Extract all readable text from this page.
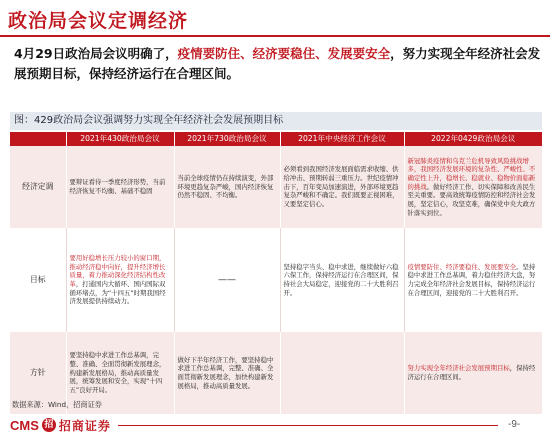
政治局会议定调经济
4月29日政治局会议明确了，疫情要防住、经济要稳住、发展要安全，努力实现全年经济社会发展预期目标，保持经济运行在合理区间。
图：429政治局会议强调努力实现全年经济社会发展预期目标
	2021年430政治局会议	2021年730政治局会议	2021年中央经济工作会议	2022年0429政治局会议
经济定调	要辩证看待一季度经济形势，当前经济恢复不均衡、基础不稳固	当前全球疫情仍在持续演变，外部环境更趋复杂严峻，国内经济恢复仍然不稳固、不均衡。	必须看到我国经济发展面临需求收缩、供给冲击、预期转弱三重压力。世纪疫情冲击下，百年变局加速演进，外部环境更趋复杂严峻和不确定。我们既要正视困难，又要坚定信心。	新冠肺炎疫情和乌克兰危机导致风险挑战增多，我国经济发展环境的复杂性、严峻性、不确定性上升，稳增长、稳就业、稳物价面临新的挑战。做好经济工作、切实保障和改善民生至关重要。要高效统筹疫情防控和经济社会发展，坚定信心，攻坚克难，确保党中央大政方针落实到位。
目标	要用好稳增长压力较小的窗口期，推动经济稳中向好，提升经济增长质量，着力推动深化经济结构性改革，打通国内大循环、国内国际双循环堵点，为“十四五”时期我国经济发展提供持续动力。	——	坚持稳字当头、稳中求进，继续做好六稳六保工作，保持经济运行在合理区间，保持社会大局稳定，迎接党的二十大胜利召开。	疫情要防住、经济要稳住、发展要安全。坚持稳中求进工作总基调，着力稳住经济大盘，努力完成全年经济社会发展目标，保持经济运行在合理区间，迎接党的二十大胜利召开。
方针	要坚持稳中求进工作总基调，完整、准确、全面贯彻新发展理念，构建新发展格局，推动高质量发展，统筹发展和安全，实现“十四五”良好开局。	做好下半年经济工作，要坚持稳中求进工作总基调，完整、准确、全面贯彻新发展理念，加快构建新发展格局，推动高质量发展。		努力实现全年经济社会发展预期目标，保持经济运行在合理区间。
数据来源：Wind，招商证券
CMS 招 招商证券	-9-
